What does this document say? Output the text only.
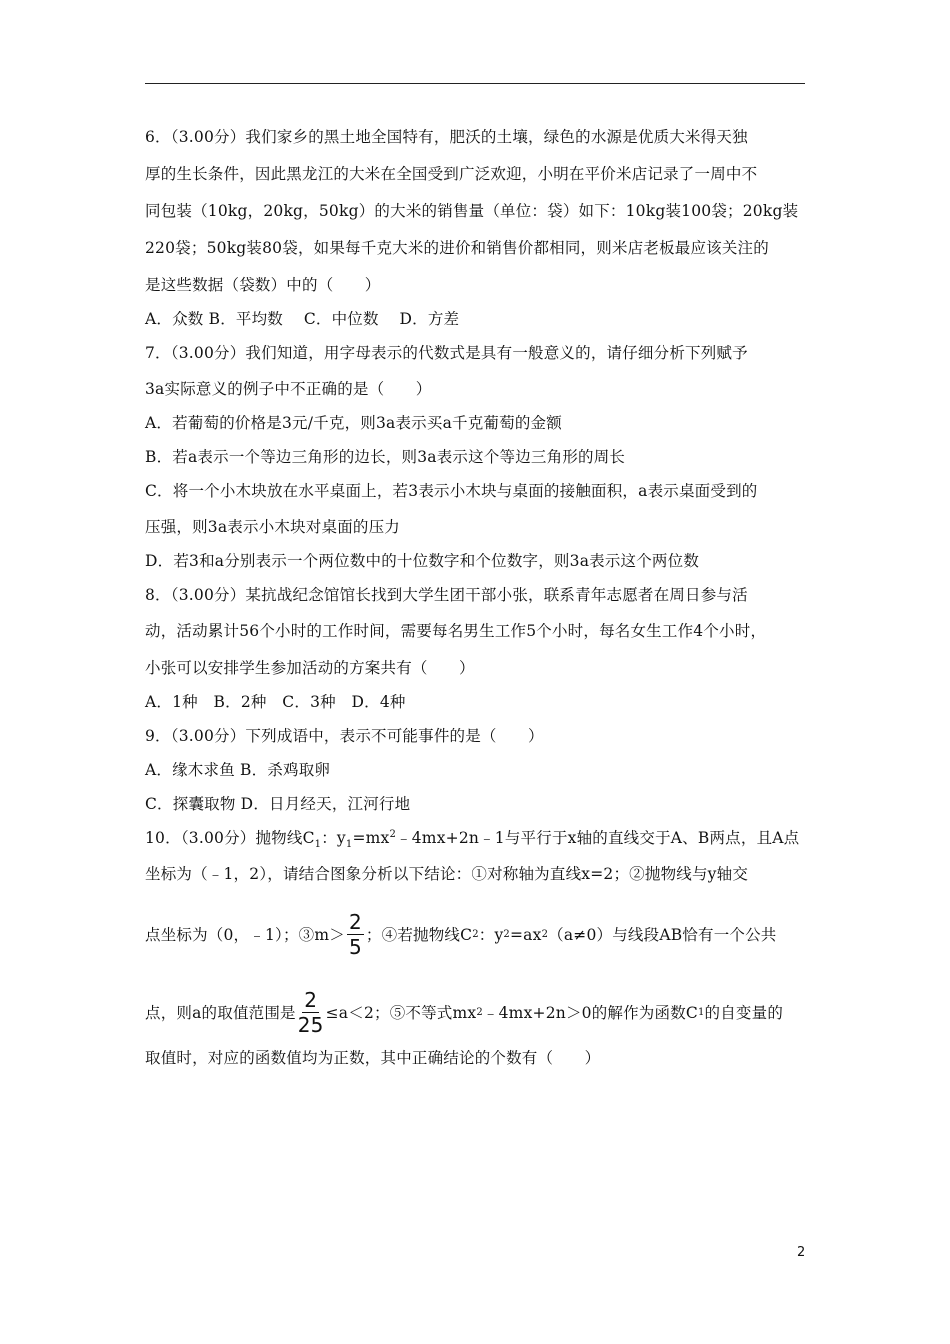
6．（3.00分）我们家乡的黑土地全国特有，肥沃的土壤，绿色的水源是优质大米得天独
厚的生长条件，因此黑龙江的大米在全国受到广泛欢迎，小明在平价米店记录了一周中不
同包装（10kg，20kg，50kg）的大米的销售量（单位：袋）如下：10kg装100袋；20kg装
220袋；50kg装80袋，如果每千克大米的进价和销售价都相同，则米店老板最应该关注的
是这些数据（袋数）中的（　　）
A．众数 B．平均数　 C．中位数　 D．方差
7．（3.00分）我们知道，用字母表示的代数式是具有一般意义的，请仔细分析下列赋予
3a实际意义的例子中不正确的是（　　）
A．若葡萄的价格是3元/千克，则3a表示买a千克葡萄的金额
B．若a表示一个等边三角形的边长，则3a表示这个等边三角形的周长
C．将一个小木块放在水平桌面上，若3表示小木块与桌面的接触面积，a表示桌面受到的
压强，则3a表示小木块对桌面的压力
D．若3和a分别表示一个两位数中的十位数字和个位数字，则3a表示这个两位数
8．（3.00分）某抗战纪念馆馆长找到大学生团干部小张，联系青年志愿者在周日参与活
动，活动累计56个小时的工作时间，需要每名男生工作5个小时，每名女生工作4个小时，
小张可以安排学生参加活动的方案共有（　　）
A．1种　B．2种　C．3种　D．4种
9．（3.00分）下列成语中，表示不可能事件的是（　　）
A．缘木求鱼 B．杀鸡取卵
C．探囊取物 D．日月经天，江河行地
10．（3.00分）抛物线$C_1$：$y_1=mx^2﹣4mx+2n﹣1$与平行于x轴的直线交于A、B两点，且A点
坐标为（﹣1，2），请结合图象分析以下结论：①对称轴为直线x=2；②抛物线与y轴交
点坐标为（0，﹣1）；③m＞ $\frac{2}{5}$ ；④若抛物线C 2 ：y 2 =ax 2 （a≠0）与线段AB恰有一个公共
点，则a的取值范围是 $\frac{2}{25} \le a<2$；⑤不等式mx 2 ﹣4mx+2n＞0的解作为函数C 1 的自变量的
取值时，对应的函数值均为正数，其中正确结论的个数有（　　）
2
